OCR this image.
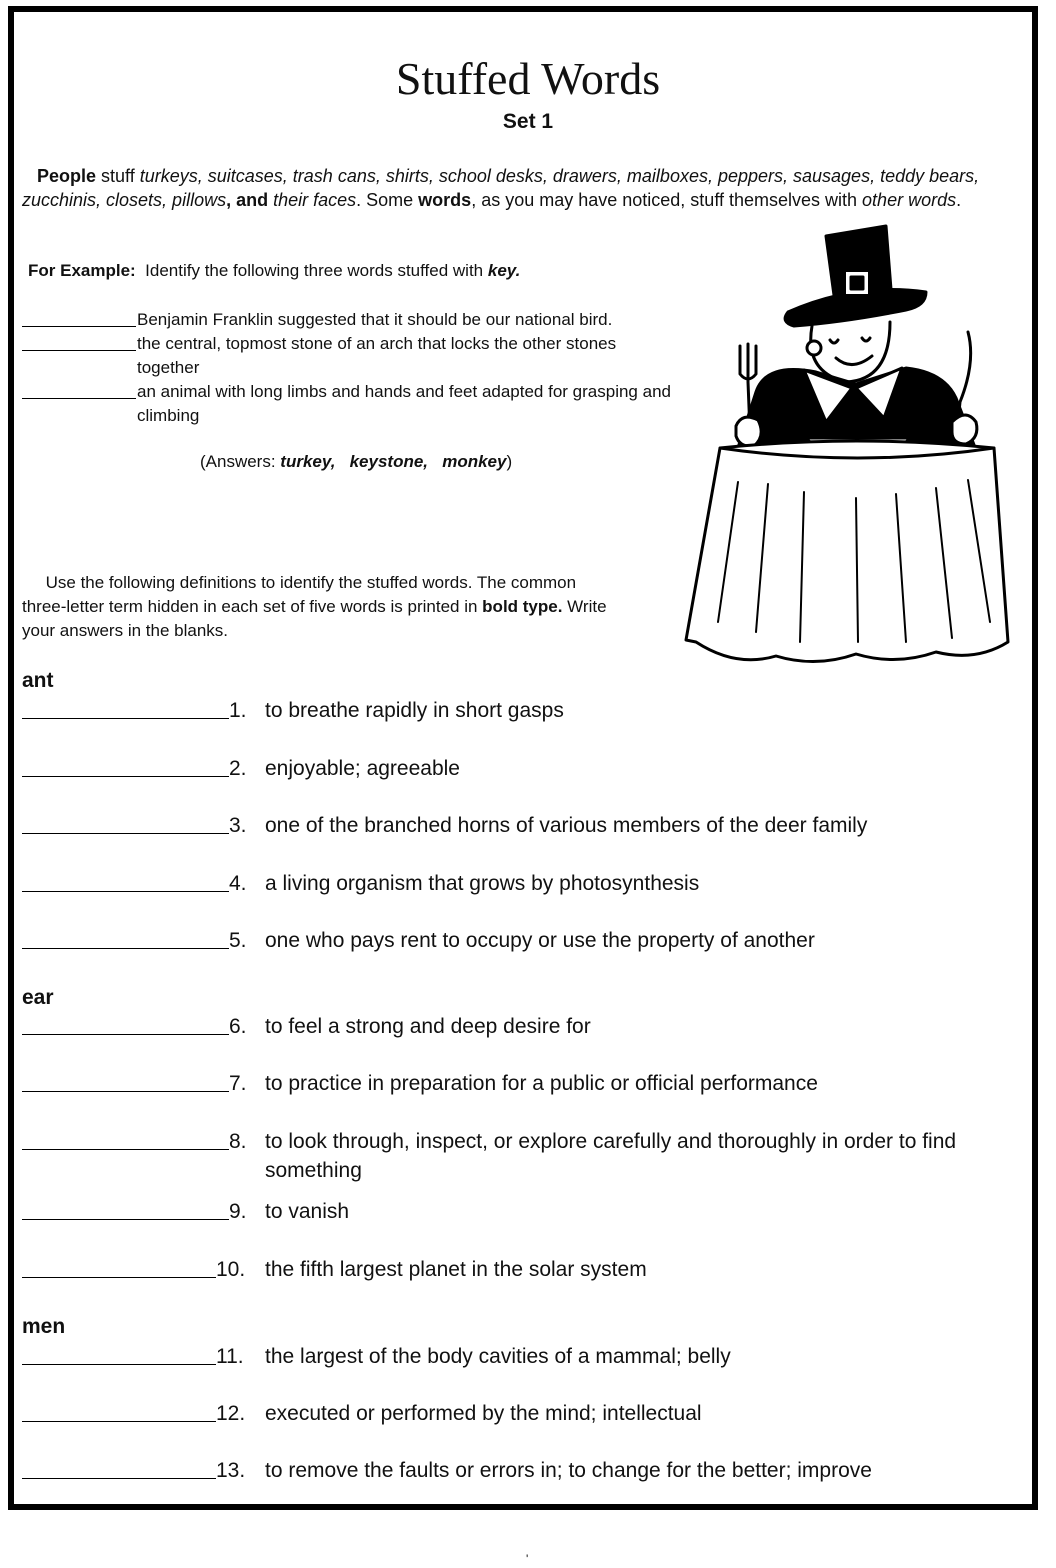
Stuffed Words
Set 1
People stuff turkeys, suitcases, trash cans, shirts, school desks, drawers, mailboxes, peppers, sausages, teddy bears, zucchinis, closets, pillows, and their faces. Some words, as you may have noticed, stuff themselves with other words.
For Example: Identify the following three words stuffed with key.
Benjamin Franklin suggested that it should be our national bird.
the central, topmost stone of an arch that locks the other stones together
an animal with long limbs and hands and feet adapted for grasping and climbing
(Answers: turkey, keystone, monkey)
Use the following definitions to identify the stuffed words. The common three-letter term hidden in each set of five words is printed in bold type. Write your answers in the blanks.
ant
1. to breathe rapidly in short gasps
2. enjoyable; agreeable
3. one of the branched horns of various members of the deer family
4. a living organism that grows by photosynthesis
5. one who pays rent to occupy or use the property of another
ear
6. to feel a strong and deep desire for
7. to practice in preparation for a public or official performance
8. to look through, inspect, or explore carefully and thoroughly in order to find something
9. to vanish
10. the fifth largest planet in the solar system
men
11.	the largest of the body cavities of a mammal; belly
12. executed or performed by the mind; intellectual
13. to remove the faults or errors in; to change for the better; improve
'
